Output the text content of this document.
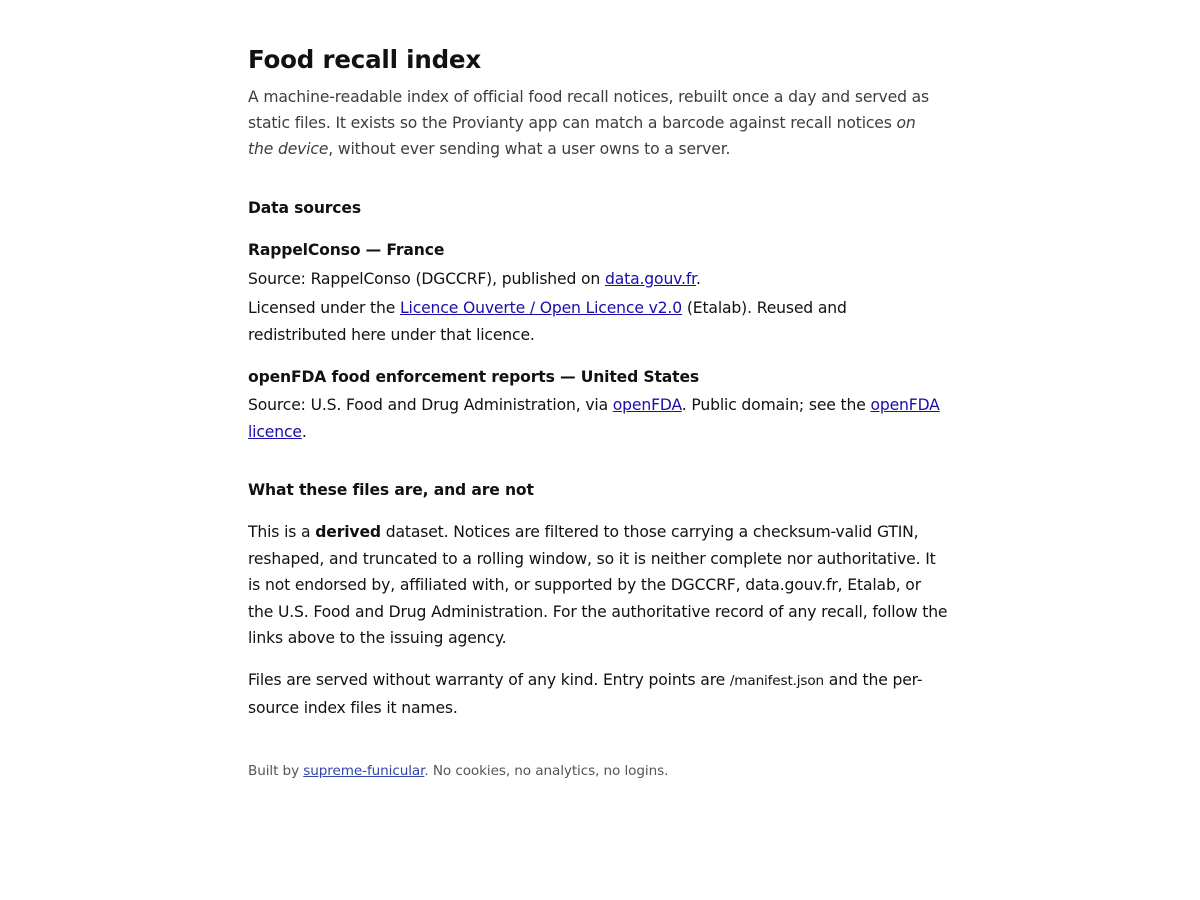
Food recall index

A machine-readable index of official food recall notices, rebuilt once a day and served as static files. It exists so the Provianty app can match a barcode against recall notices on the device, without ever sending what a user owns to a server.

Data sources
RappelConso — France

Source: RappelConso (DGCCRF), published on data.gouv.fr.

Licensed under the Licence Ouverte / Open Licence v2.0 (Etalab). Reused and redistributed here under that licence.

openFDA food enforcement reports — United States

Source: U.S. Food and Drug Administration, via openFDA. Public domain; see the openFDA licence.

What these files are, and are not

This is a derived dataset. Notices are filtered to those carrying a checksum-valid GTIN, reshaped, and truncated to a rolling window, so it is neither complete nor authoritative. It is not endorsed by, affiliated with, or supported by the DGCCRF, data.gouv.fr, Etalab, or the U.S. Food and Drug Administration. For the authoritative record of any recall, follow the links above to the issuing agency.

Files are served without warranty of any kind. Entry points are /manifest.json and the per-source index files it names.

Built by supreme-funicular. No cookies, no analytics, no logins.
